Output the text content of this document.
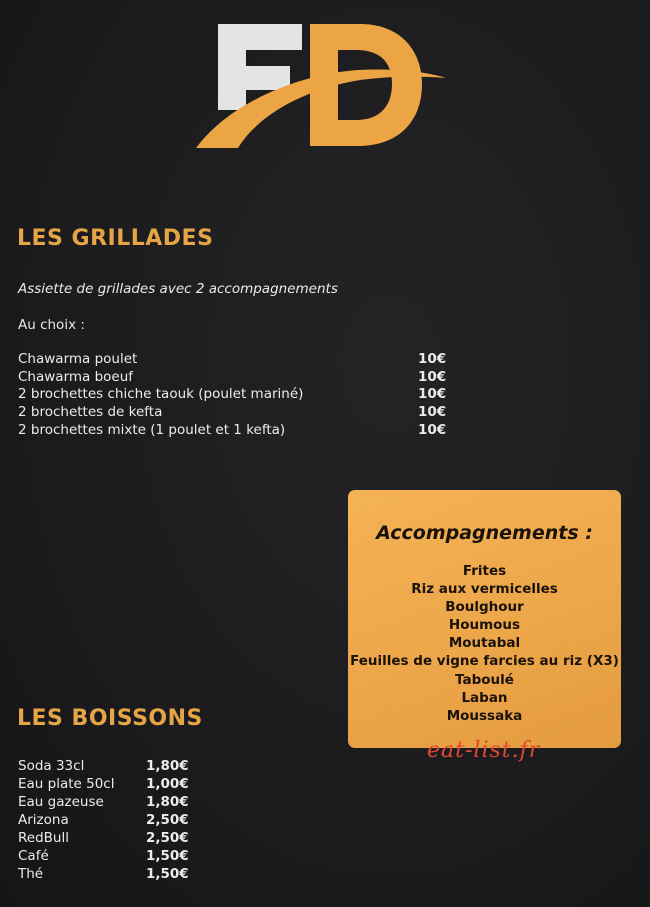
LES GRILLADES
Assiette de grillades avec 2 accompagnements
Au choix :
Chawarma poulet	10€
Chawarma boeuf	10€
2 brochettes chiche taouk (poulet mariné)	10€
2 brochettes de kefta	10€
2 brochettes mixte (1 poulet et 1 kefta)	10€
Accompagnements :
Frites
Riz aux vermicelles
Boulghour
Houmous
Moutabal
Feuilles de vigne farcies au riz (X3)
Taboulé
Laban
Moussaka
eat-list.fr
LES BOISSONS
Soda 33cl	1,80€
Eau plate 50cl	1,00€
Eau gazeuse	1,80€
Arizona	2,50€
RedBull	2,50€
Café	1,50€
Thé	1,50€
